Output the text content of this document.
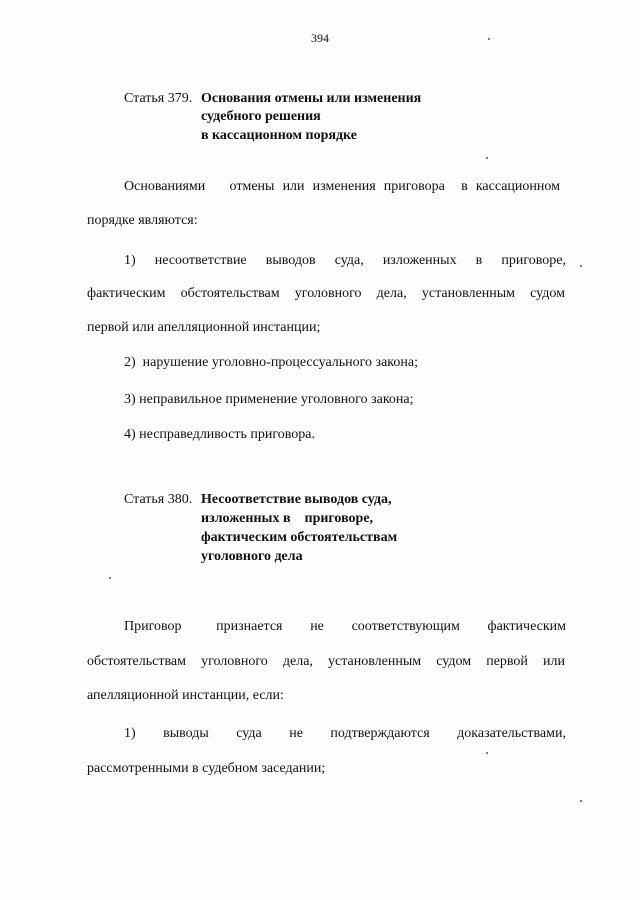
394
Статья 379. Основания отмены или изменения
судебного решения
в кассационном порядке
Основаниями   отмены или изменения приговора  в кассационном
порядке являются:
1)  несоответствие  выводов  суда,  изложенных  в  приговоре,
фактическим  обстоятельствам  уголовного  дела,  установленным  судом
первой или апелляционной инстанции;
2)  нарушение уголовно-процессуального закона;
3) неправильное применение уголовного закона;
4) несправедливость приговора.
Статья 380. Несоответствие выводов суда,
изложенных в    приговоре,
фактическим обстоятельствам
уголовного дела
Приговор     признается    не    соответствующим    фактическим
обстоятельствам  уголовного  дела,  установленным  судом  первой  или
апелляционной инстанции, если:
1)    выводы    суда    не    подтверждаются    доказательствами,
рассмотренными в судебном заседании;
